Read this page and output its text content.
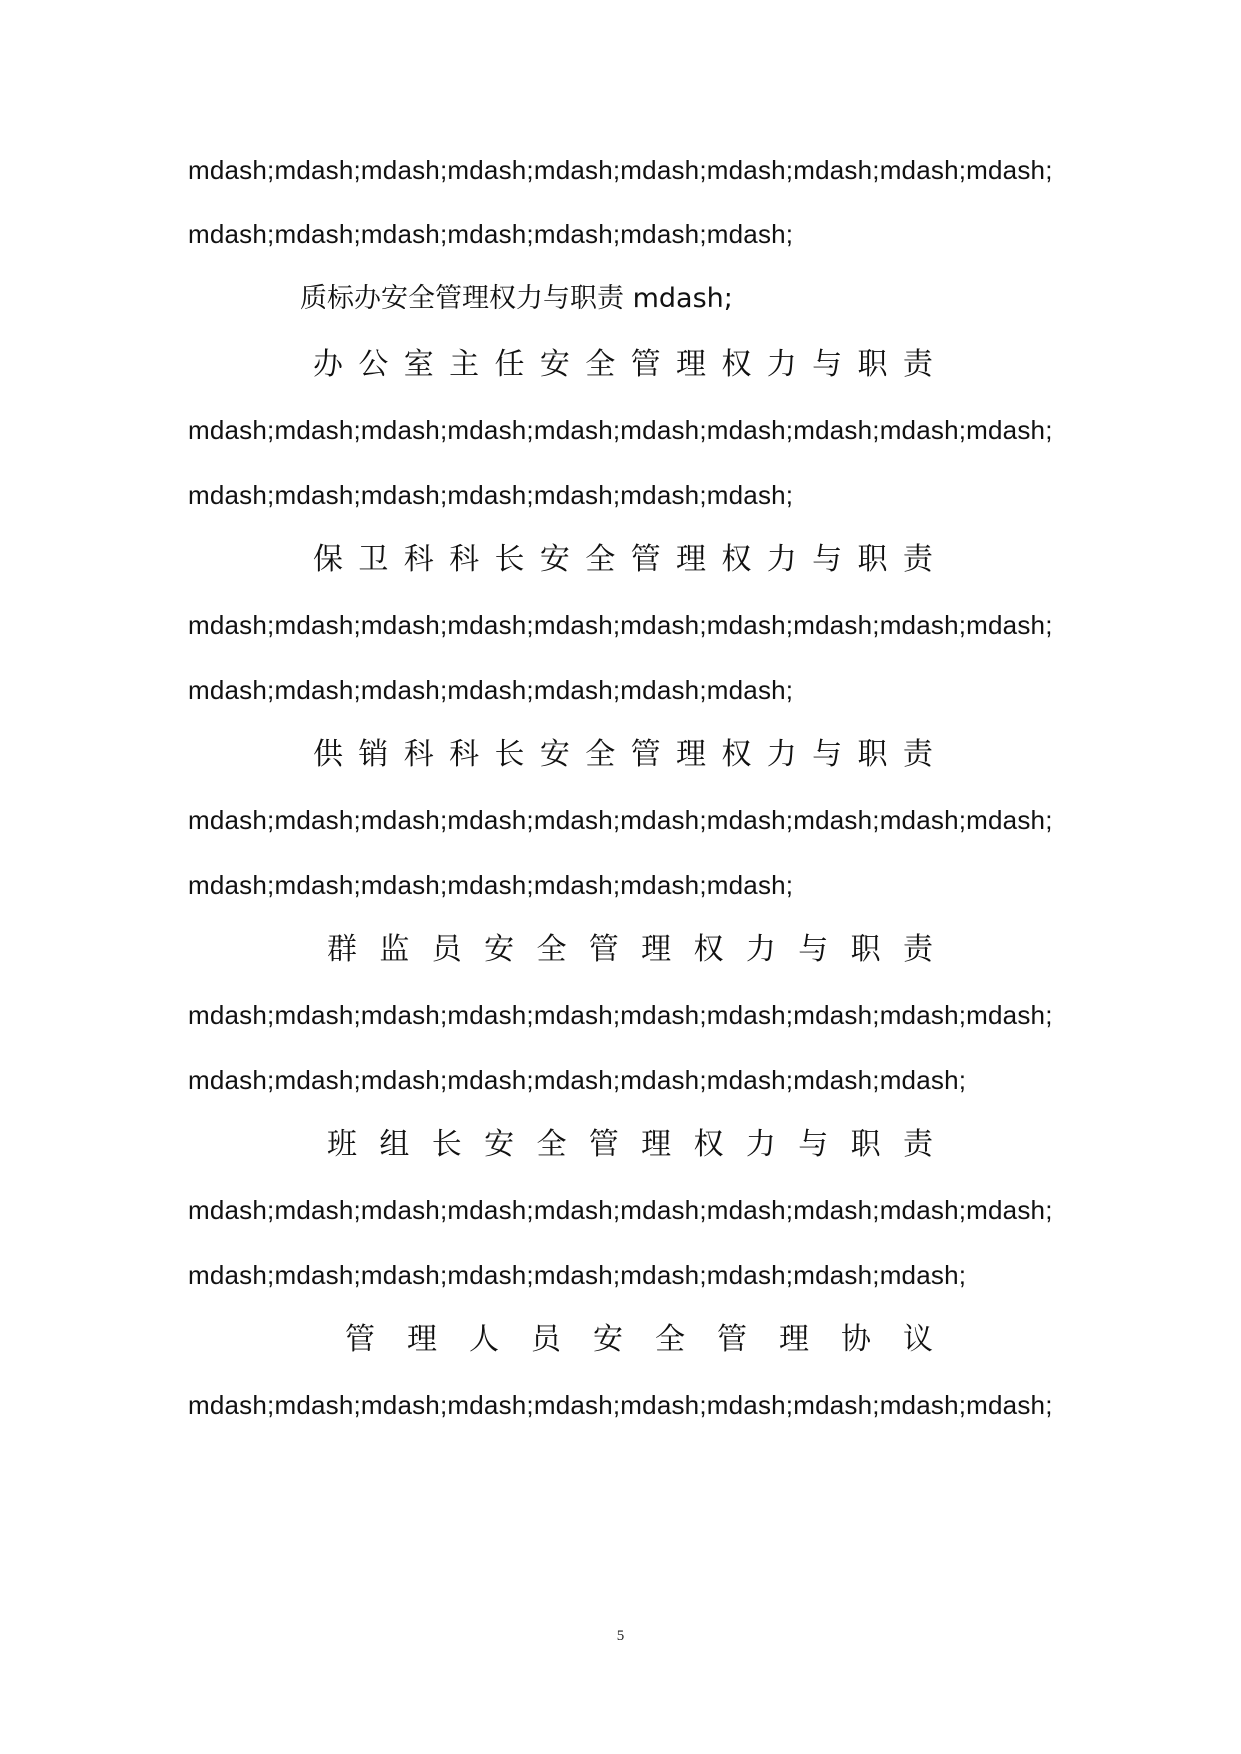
mdash;mdash;mdash;mdash;mdash;mdash;mdash;mdash;mdash;mdash;
mdash;mdash;mdash;mdash;mdash;mdash;mdash;
质标办安全管理权力与职责 mdash;
办 公 室 主 任 安 全 管 理 权 力 与 职 责
mdash;mdash;mdash;mdash;mdash;mdash;mdash;mdash;mdash;mdash;
mdash;mdash;mdash;mdash;mdash;mdash;mdash;
保 卫 科 科 长 安 全 管 理 权 力 与 职 责
mdash;mdash;mdash;mdash;mdash;mdash;mdash;mdash;mdash;mdash;
mdash;mdash;mdash;mdash;mdash;mdash;mdash;
供 销 科 科 长 安 全 管 理 权 力 与 职 责
mdash;mdash;mdash;mdash;mdash;mdash;mdash;mdash;mdash;mdash;
mdash;mdash;mdash;mdash;mdash;mdash;mdash;
群 监 员 安 全 管 理 权 力 与 职 责
mdash;mdash;mdash;mdash;mdash;mdash;mdash;mdash;mdash;mdash;
mdash;mdash;mdash;mdash;mdash;mdash;mdash;mdash;mdash;
班 组 长 安 全 管 理 权 力 与 职 责
mdash;mdash;mdash;mdash;mdash;mdash;mdash;mdash;mdash;mdash;
mdash;mdash;mdash;mdash;mdash;mdash;mdash;mdash;mdash;
管 理 人 员 安 全 管 理 协 议
mdash;mdash;mdash;mdash;mdash;mdash;mdash;mdash;mdash;mdash;
5
